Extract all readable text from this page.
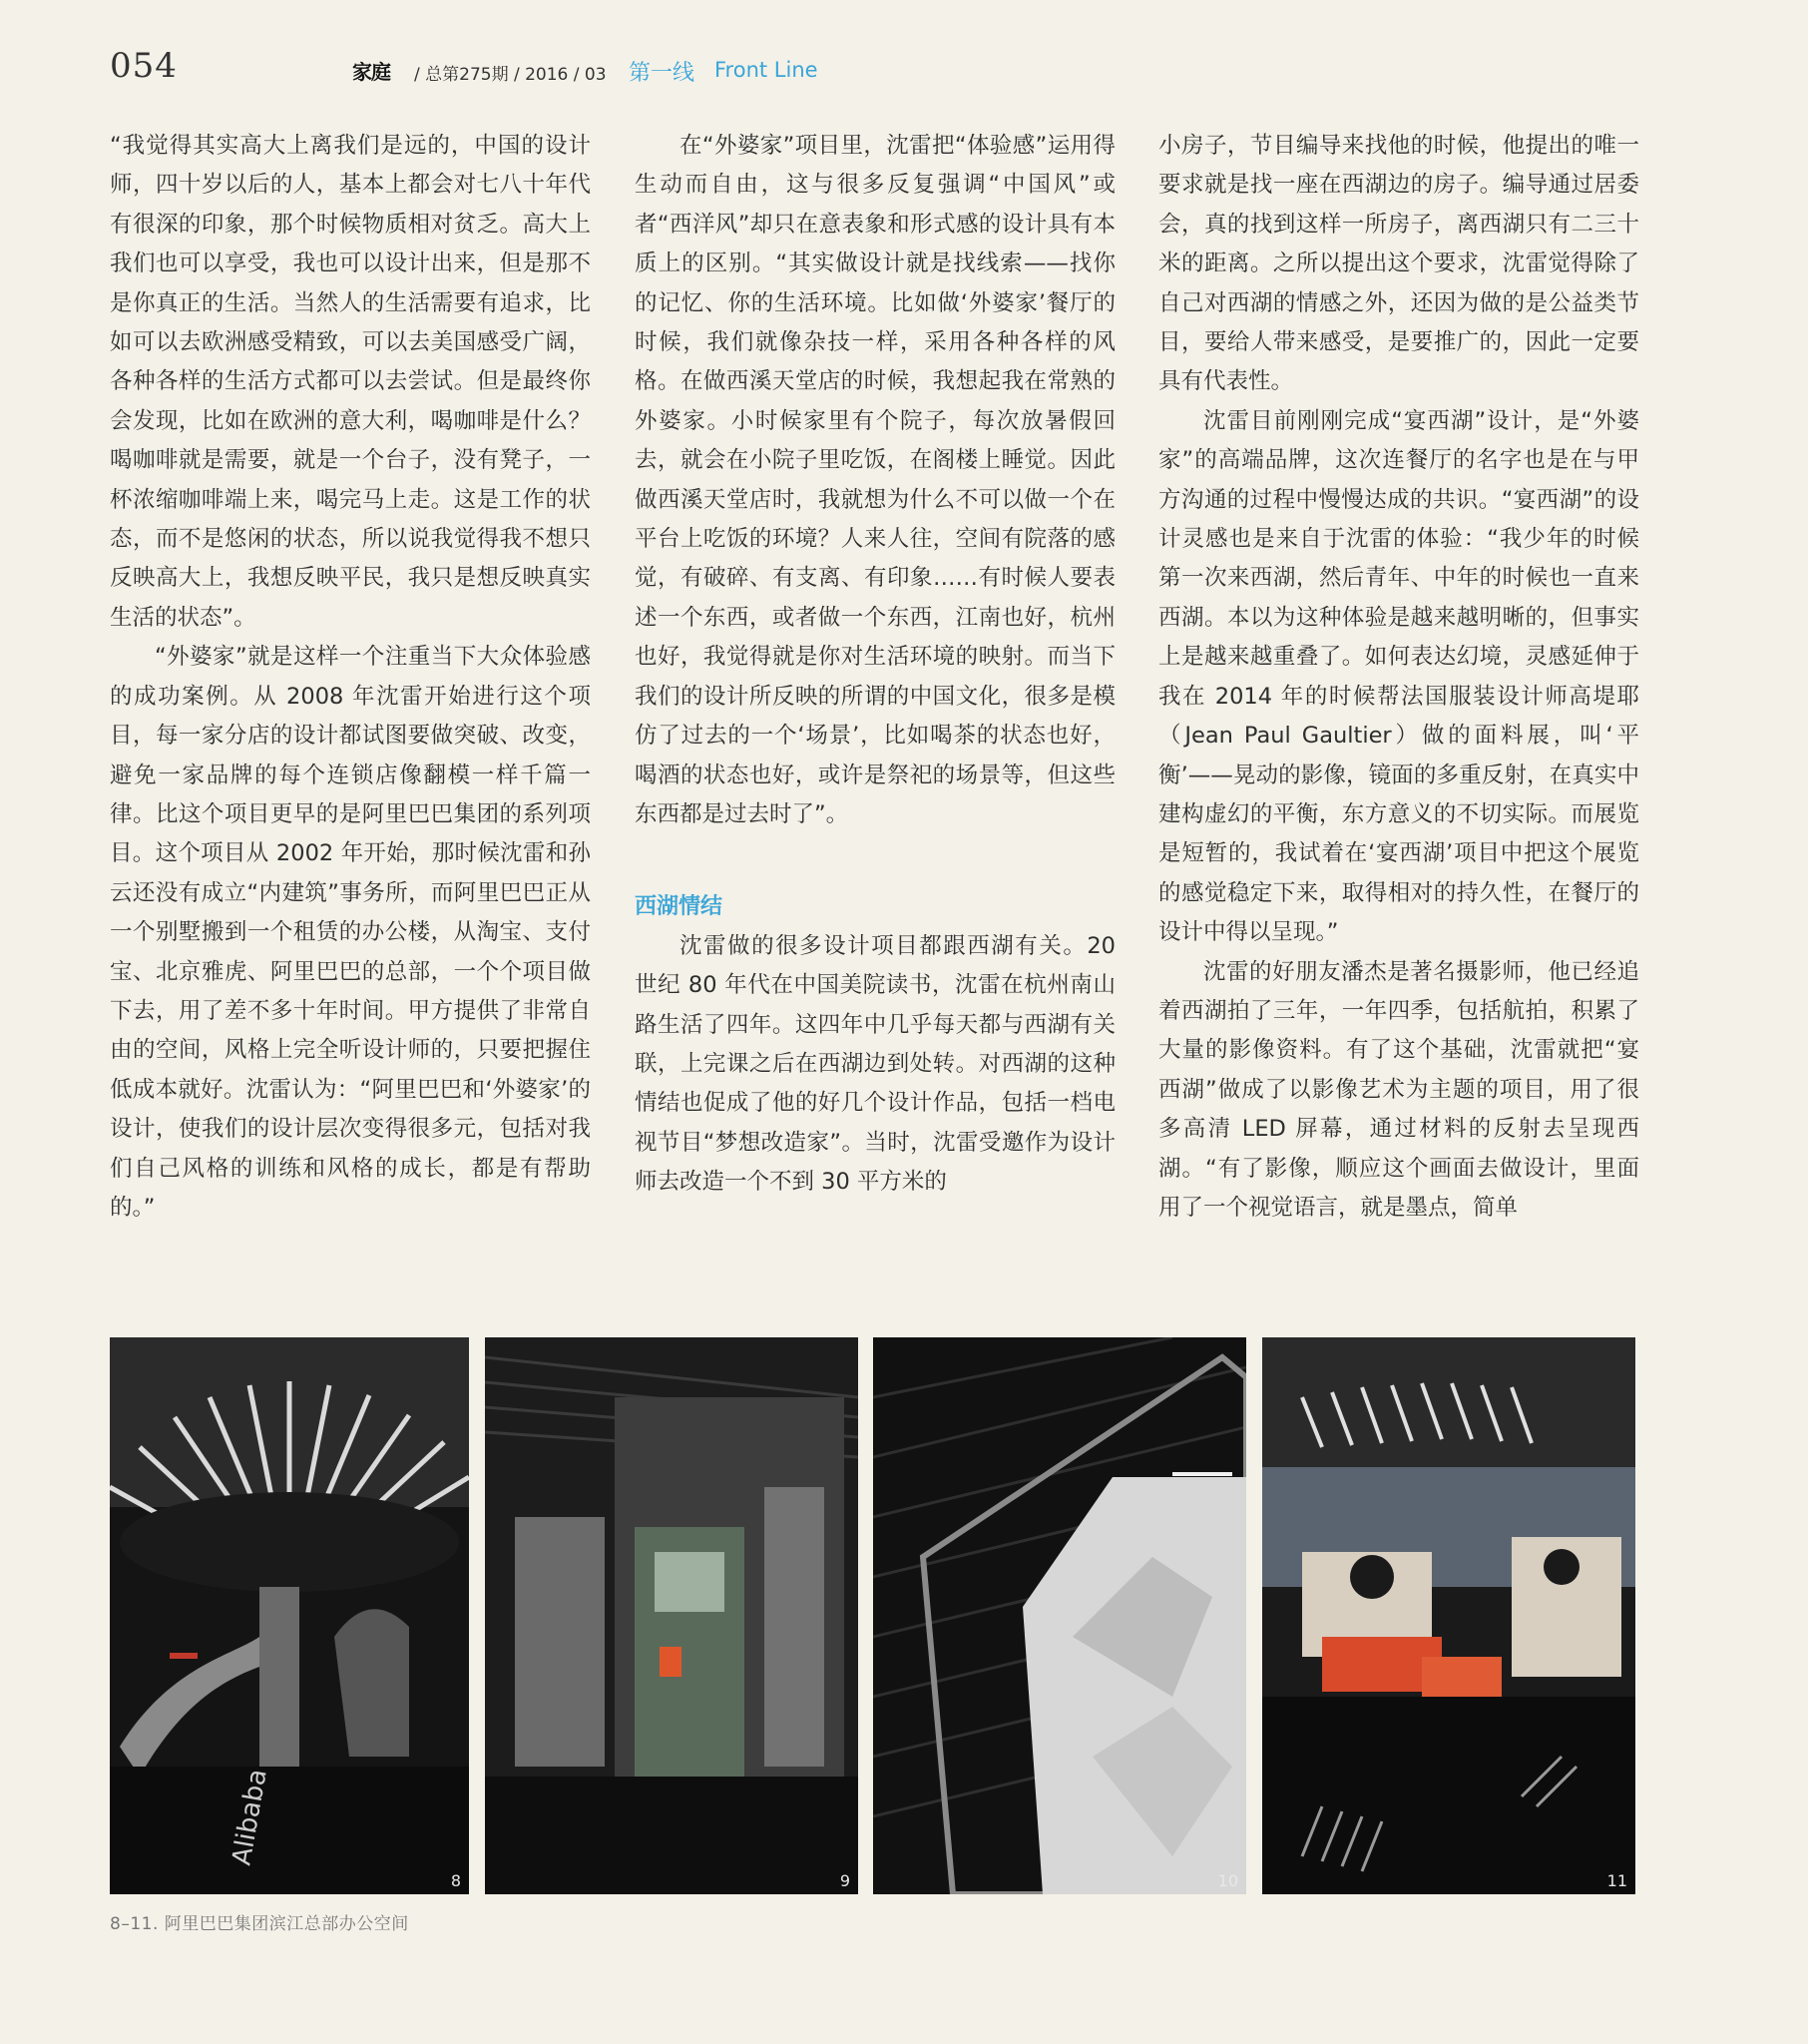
054	家庭 / 总第275期 / 2016 / 03 第一线 Front Line

“我觉得其实高大上离我们是远的，中国的设计师，四十岁以后的人，基本上都会对七八十年代有很深的印象，那个时候物质相对贫乏。高大上我们也可以享受，我也可以设计出来，但是那不是你真正的生活。当然人的生活需要有追求，比如可以去欧洲感受精致，可以去美国感受广阔，各种各样的生活方式都可以去尝试。但是最终你会发现，比如在欧洲的意大利，喝咖啡是什么？喝咖啡就是需要，就是一个台子，没有凳子，一杯浓缩咖啡端上来，喝完马上走。这是工作的状态，而不是悠闲的状态，所以说我觉得我不想只反映高大上，我想反映平民，我只是想反映真实生活的状态”。

“外婆家”就是这样一个注重当下大众体验感的成功案例。从 2008 年沈雷开始进行这个项目，每一家分店的设计都试图要做突破、改变，避免一家品牌的每个连锁店像翻模一样千篇一律。比这个项目更早的是阿里巴巴集团的系列项目。这个项目从 2002 年开始，那时候沈雷和孙云还没有成立“内建筑”事务所，而阿里巴巴正从一个别墅搬到一个租赁的办公楼，从淘宝、支付宝、北京雅虎、阿里巴巴的总部，一个个项目做下去，用了差不多十年时间。甲方提供了非常自由的空间，风格上完全听设计师的，只要把握住低成本就好。沈雷认为：“阿里巴巴和‘外婆家’的设计，使我们的设计层次变得很多元，包括对我们自己风格的训练和风格的成长，都是有帮助的。”

在“外婆家”项目里，沈雷把“体验感”运用得生动而自由，这与很多反复强调“中国风”或者“西洋风”却只在意表象和形式感的设计具有本质上的区别。“其实做设计就是找线索——找你的记忆、你的生活环境。比如做‘外婆家’餐厅的时候，我们就像杂技一样，采用各种各样的风格。在做西溪天堂店的时候，我想起我在常熟的外婆家。小时候家里有个院子，每次放暑假回去，就会在小院子里吃饭，在阁楼上睡觉。因此做西溪天堂店时，我就想为什么不可以做一个在平台上吃饭的环境？人来人往，空间有院落的感觉，有破碎、有支离、有印象……有时候人要表述一个东西，或者做一个东西，江南也好，杭州也好，我觉得就是你对生活环境的映射。而当下我们的设计所反映的所谓的中国文化，很多是模仿了过去的一个‘场景’，比如喝茶的状态也好，喝酒的状态也好，或许是祭祀的场景等，但这些东西都是过去时了”。

西湖情结

沈雷做的很多设计项目都跟西湖有关。20 世纪 80 年代在中国美院读书，沈雷在杭州南山路生活了四年。这四年中几乎每天都与西湖有关联，上完课之后在西湖边到处转。对西湖的这种情结也促成了他的好几个设计作品，包括一档电视节目“梦想改造家”。当时，沈雷受邀作为设计师去改造一个不到 30 平方米的

小房子，节目编导来找他的时候，他提出的唯一要求就是找一座在西湖边的房子。编导通过居委会，真的找到这样一所房子，离西湖只有二三十米的距离。之所以提出这个要求，沈雷觉得除了自己对西湖的情感之外，还因为做的是公益类节目，要给人带来感受，是要推广的，因此一定要具有代表性。

沈雷目前刚刚完成“宴西湖”设计，是“外婆家”的高端品牌，这次连餐厅的名字也是在与甲方沟通的过程中慢慢达成的共识。“宴西湖”的设计灵感也是来自于沈雷的体验：“我少年的时候第一次来西湖，然后青年、中年的时候也一直来西湖。本以为这种体验是越来越明晰的，但事实上是越来越重叠了。如何表达幻境，灵感延伸于我在 2014 年的时候帮法国服装设计师高堤耶（Jean Paul Gaultier）做的面料展，叫‘平衡’——晃动的影像，镜面的多重反射，在真实中建构虚幻的平衡，东方意义的不切实际。而展览是短暂的，我试着在‘宴西湖’项目中把这个展览的感觉稳定下来，取得相对的持久性，在餐厅的设计中得以呈现。”

沈雷的好朋友潘杰是著名摄影师，他已经追着西湖拍了三年，一年四季，包括航拍，积累了大量的影像资料。有了这个基础，沈雷就把“宴西湖”做成了以影像艺术为主题的项目，用了很多高清 LED 屏幕，通过材料的反射去呈现西湖。“有了影像，顺应这个画面去做设计，里面用了一个视觉语言，就是墨点，简单

Alibaba
8	9	10	11
8–11. 阿里巴巴集团滨江总部办公空间
